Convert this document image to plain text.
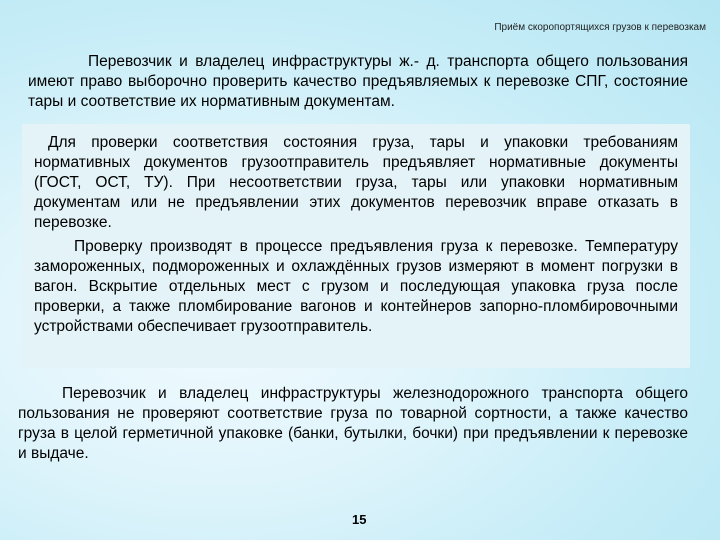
Приём скоропортящихся грузов к перевозкам

Перевозчик и владелец инфраструктуры ж.- д. транспорта общего пользования имеют право выборочно проверить качество предъявляемых к перевозке СПГ, состояние тары и соответствие их нормативным документам.

Для проверки соответствия состояния груза, тары и упаковки требованиям нормативных документов грузоотправитель предъявляет нормативные документы (ГОСТ, ОСТ, ТУ). При несоответствии груза, тары или упаковки нормативным документам или не предъявлении этих документов перевозчик вправе отказать в перевозке.

Проверку производят в процессе предъявления груза к перевозке. Температуру замороженных, подмороженных и охлаждённых грузов измеряют в момент погрузки в вагон. Вскрытие отдельных мест с грузом и последующая упаковка груза после проверки, а также пломбирование вагонов и контейнеров запорно-пломбировочными устройствами обеспечивает грузоотправитель.

Перевозчик и владелец инфраструктуры железнодорожного транспорта общего пользования не проверяют соответствие груза по товарной сортности, а также качество груза в целой герметичной упаковке (банки, бутылки, бочки) при предъявлении к перевозке и выдаче.

15
